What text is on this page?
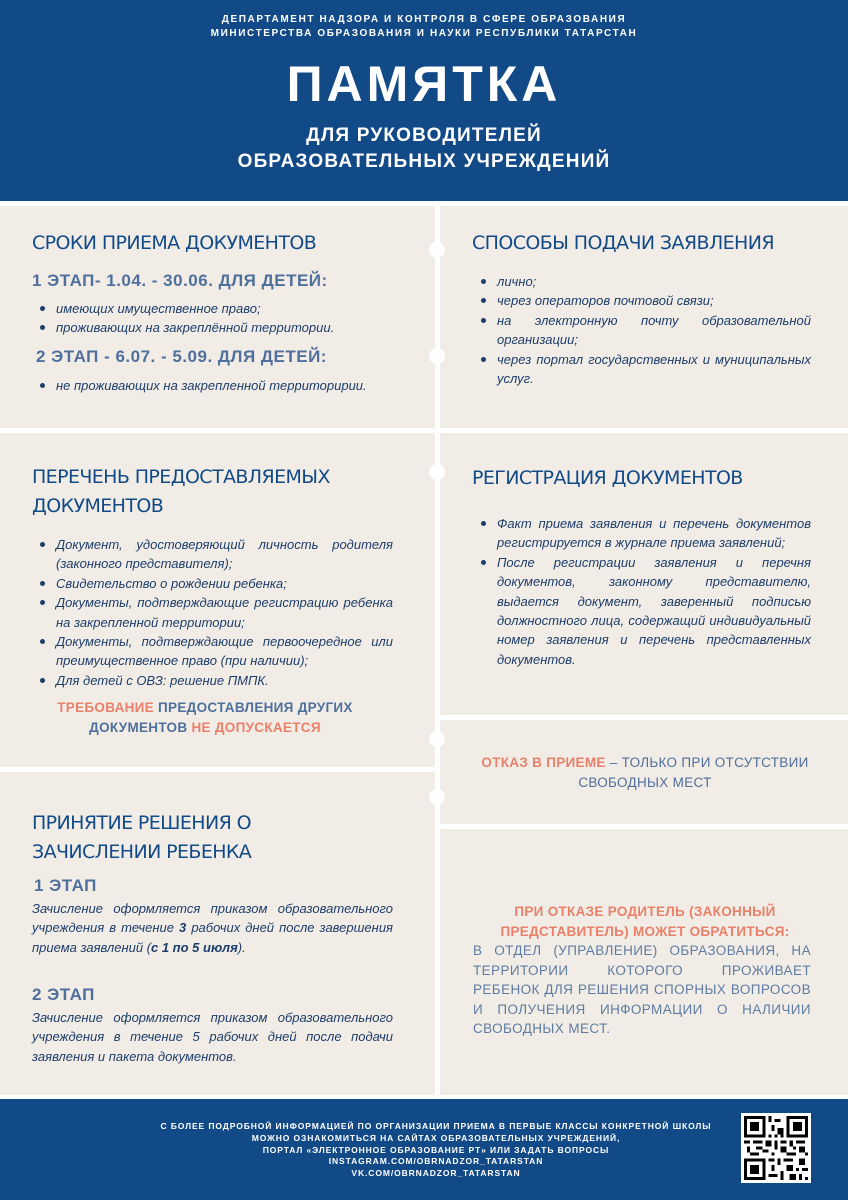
ДЕПАРТАМЕНТ НАДЗОРА И КОНТРОЛЯ В СФЕРЕ ОБРАЗОВАНИЯ
МИНИСТЕРСТВА ОБРАЗОВАНИЯ И НАУКИ РЕСПУБЛИКИ ТАТАРСТАН
ПАМЯТКА
ДЛЯ РУКОВОДИТЕЛЕЙ
ОБРАЗОВАТЕЛЬНЫХ УЧРЕЖДЕНИЙ
СРОКИ ПРИЕМА ДОКУМЕНТОВ
1 ЭТАП- 1.04. - 30.06. ДЛЯ ДЕТЕЙ:
имеющих имущественное право;
проживающих на закреплённой территории.
2 ЭТАП - 6.07. - 5.09. ДЛЯ ДЕТЕЙ:
не проживающих на закрепленной территоририи.
СПОСОБЫ ПОДАЧИ ЗАЯВЛЕНИЯ
лично;
через операторов почтовой связи;
на электронную почту образовательной организации;
через портал государственных и муниципальных услуг.
ПЕРЕЧЕНЬ ПРЕДОСТАВЛЯЕМЫХ
ДОКУМЕНТОВ
Документ, удостоверяющий личность родителя (законного представителя);
Свидетельство о рождении ребенка;
Документы, подтверждающие регистрацию ребенка на закрепленной территории;
Документы, подтверждающие первоочередное или преимущественное право (при наличии);
Для детей с ОВЗ: решение ПМПК.
ТРЕБОВАНИЕ ПРЕДОСТАВЛЕНИЯ ДРУГИХ
ДОКУМЕНТОВ НЕ ДОПУСКАЕТСЯ
РЕГИСТРАЦИЯ ДОКУМЕНТОВ
Факт приема заявления и перечень документов регистрируется в журнале приема заявлений;
После регистрации заявления и перечня документов, законному представителю, выдается документ, заверенный подписью должностного лица, содержащий индивидуальный номер заявления и перечень представленных документов.
ОТКАЗ В ПРИЕМЕ – ТОЛЬКО ПРИ ОТСУТСТВИИ
СВОБОДНЫХ МЕСТ
ПРИНЯТИЕ РЕШЕНИЯ О
ЗАЧИСЛЕНИИ РЕБЕНКА
1 ЭТАП
Зачисление оформляется приказом образовательного учреждения в течение 3 рабочих дней после завершения приема заявлений (с 1 по 5 июля).
2 ЭТАП
Зачисление оформляется приказом образовательного учреждения в течение 5 рабочих дней после подачи заявления и пакета документов.
ПРИ ОТКАЗЕ РОДИТЕЛЬ (ЗАКОННЫЙ
ПРЕДСТАВИТЕЛЬ) МОЖЕТ ОБРАТИТЬСЯ:
В ОТДЕЛ (УПРАВЛЕНИЕ) ОБРАЗОВАНИЯ, НА ТЕРРИТОРИИ КОТОРОГО ПРОЖИВАЕТ РЕБЕНОК ДЛЯ РЕШЕНИЯ СПОРНЫХ ВОПРОСОВ И ПОЛУЧЕНИЯ ИНФОРМАЦИИ О НАЛИЧИИ СВОБОДНЫХ МЕСТ.
С БОЛЕЕ ПОДРОБНОЙ ИНФОРМАЦИЕЙ ПО ОРГАНИЗАЦИИ ПРИЕМА В ПЕРВЫЕ КЛАССЫ КОНКРЕТНОЙ ШКОЛЫ
МОЖНО ОЗНАКОМИТЬСЯ НА САЙТАХ ОБРАЗОВАТЕЛЬНЫХ УЧРЕЖДЕНИЙ,
ПОРТАЛ «ЭЛЕКТРОННОЕ ОБРАЗОВАНИЕ РТ» ИЛИ ЗАДАТЬ ВОПРОСЫ
INSTAGRAM.COM/OBRNADZOR_TATARSTAN
VK.COM/OBRNADZOR_TATARSTAN
